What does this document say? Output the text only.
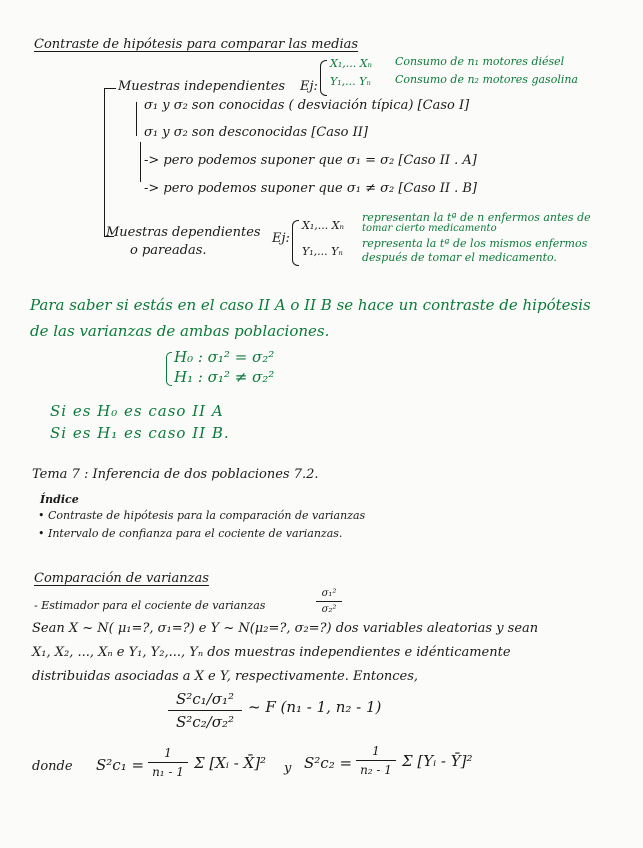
Contraste de hipótesis para comparar las medias
Muestras independientes Ej:
X₁,... Xₙ Consumo de n₁ motores diésel
Y₁,... Yₙ Consumo de n₂ motores gasolina
σ₁ y σ₂ son conocidas ( desviación típica) [Caso I]
σ₁ y σ₂ son desconocidas [Caso II]
-> pero podemos suponer que σ₁ = σ₂ [Caso II . A]
-> pero podemos suponer que σ₁ ≠ σ₂ [Caso II . B]
Muestras dependientes
o pareadas.
Ej:
X₁,... Xₙ
representan la tª de n enfermos antes de
tomar cierto medicamento
Y₁,... Yₙ
representa la tª de los mismos enfermos
después de tomar el medicamento.
Para saber si estás en el caso II A o II B se hace un contraste de hipótesis
de las varianzas de ambas poblaciones.
H₀ : σ₁² = σ₂²
H₁ : σ₁² ≠ σ₂²
Si es H₀ es caso II A
Si es H₁ es caso II B.
Tema 7 : Inferencia de dos poblaciones 7.2.
Índice
• Contraste de hipótesis para la comparación de varianzas
• Intervalo de confianza para el cociente de varianzas.
Comparación de varianzas
- Estimador para el cociente de varianzas
σ₁²
σ₂²
Sean X ~ N( μ₁=?, σ₁=?) e Y ~ N(μ₂=?, σ₂=?) dos variables aleatorias y sean
X₁, X₂, ..., Xₙ e Y₁, Y₂,..., Yₙ dos muestras independientes e idénticamente
distribuidas asociadas a X e Y, respectivamente. Entonces,
S²c₁/σ₁²
S²c₂/σ₂²
~ F (n₁ - 1, n₂ - 1)
donde S²c₁ =
1
n₁ - 1 Σ [Xᵢ - X̄]² y S²c₂ =
1
n₂ - 1 Σ [Yᵢ - Ȳ]²
